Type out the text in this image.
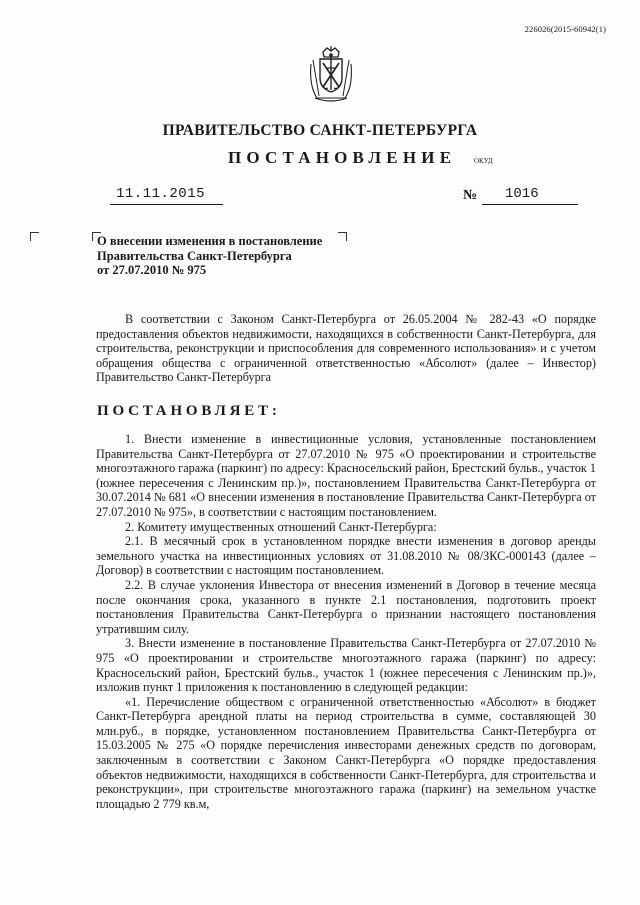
226026(2015-60942(1)
ПРАВИТЕЛЬСТВО САНКТ-ПЕТЕРБУРГА
ПОСТАНОВЛЕНИЕ	ОКУД
11.11.2015	№ 1016
О внесении изменения в постановление
Правительства Санкт-Петербурга
от 27.07.2010 № 975
В соответствии с Законом Санкт-Петербурга от 26.05.2004 № 282-43 «О порядке предоставления объектов недвижимости, находящихся в собственности Санкт-Петербурга, для строительства, реконструкции и приспособления для современного использования» и с учетом обращения общества с ограниченной ответственностью «Абсолют» (далее – Инвестор) Правительство Санкт-Петербурга
ПОСТАНОВЛЯЕТ:

1. Внести изменение в инвестиционные условия, установленные постановлением Правительства Санкт-Петербурга от 27.07.2010 № 975 «О проектировании и строительстве многоэтажного гаража (паркинг) по адресу: Красносельский район, Брестский бульв., участок 1 (южнее пересечения с Ленинским пр.)», постановлением Правительства Санкт-Петербурга от 30.07.2014 № 681 «О внесении изменения в постановление Правительства Санкт-Петербурга от 27.07.2010 № 975», в соответствии с настоящим постановлением.

2. Комитету имущественных отношений Санкт-Петербурга:

2.1. В месячный срок в установленном порядке внести изменения в договор аренды земельного участка на инвестиционных условиях от 31.08.2010 № 08/ЗКС-000143 (далее – Договор) в соответствии с настоящим постановлением.

2.2. В случае уклонения Инвестора от внесения изменений в Договор в течение месяца после окончания срока, указанного в пункте 2.1 постановления, подготовить проект постановления Правительства Санкт-Петербурга о признании настоящего постановления утратившим силу.

3. Внести изменение в постановление Правительства Санкт-Петербурга от 27.07.2010 № 975 «О проектировании и строительстве многоэтажного гаража (паркинг) по адресу: Красносельский район, Брестский бульв., участок 1 (южнее пересечения с Ленинским пр.)», изложив пункт 1 приложения к постановлению в следующей редакции:

«1. Перечисление обществом с ограниченной ответственностью «Абсолют» в бюджет Санкт-Петербурга арендной платы на период строительства в сумме, составляющей 30 млн.руб., в порядке, установленном постановлением Правительства Санкт-Петербурга от 15.03.2005 № 275 «О порядке перечисления инвесторами денежных средств по договорам, заключенным в соответствии с Законом Санкт-Петербурга «О порядке предоставления объектов недвижимости, находящихся в собственности Санкт-Петербурга, для строительства и реконструкции», при строительстве многоэтажного гаража (паркинг) на земельном участке площадью 2 779 кв.м,
